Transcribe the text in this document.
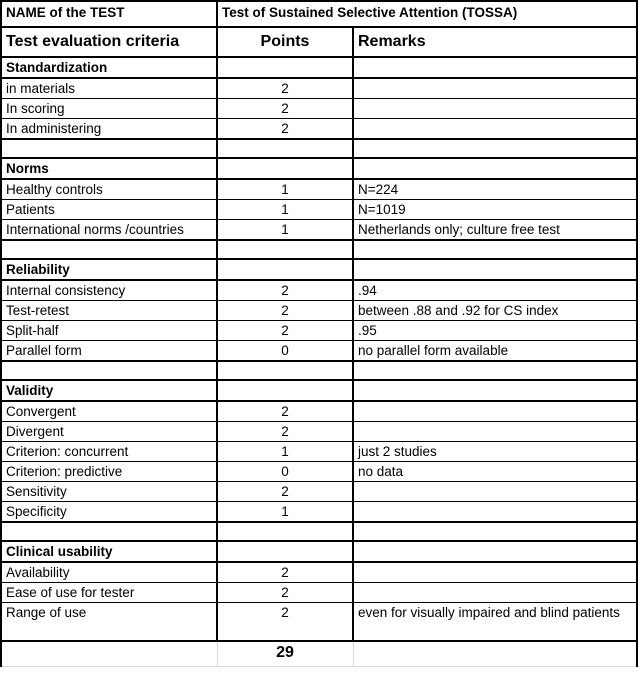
NAME of the TEST	Test of Sustained Selective Attention (TOSSA)	
Test evaluation criteria	Points	Remarks
Standardization		
in materials	2	
In scoring	2	
In administering	2	

Norms		
Healthy controls	1	N=224
Patients	1	N=1019
International norms /countries	1	Netherlands only; culture free test

Reliability		
Internal consistency	2	.94
Test-retest	2	between .88 and .92 for CS index
Split-half	2	.95
Parallel form	0	no parallel form available

Validity		
Convergent	2	
Divergent	2	
Criterion: concurrent	1	just 2 studies
Criterion: predictive	0	no data
Sensitivity	2	
Specificity	1	

Clinical usability		
Availability	2	
Ease of use for tester	2	
Range of use	2	even for visually impaired and blind patients
	29	
